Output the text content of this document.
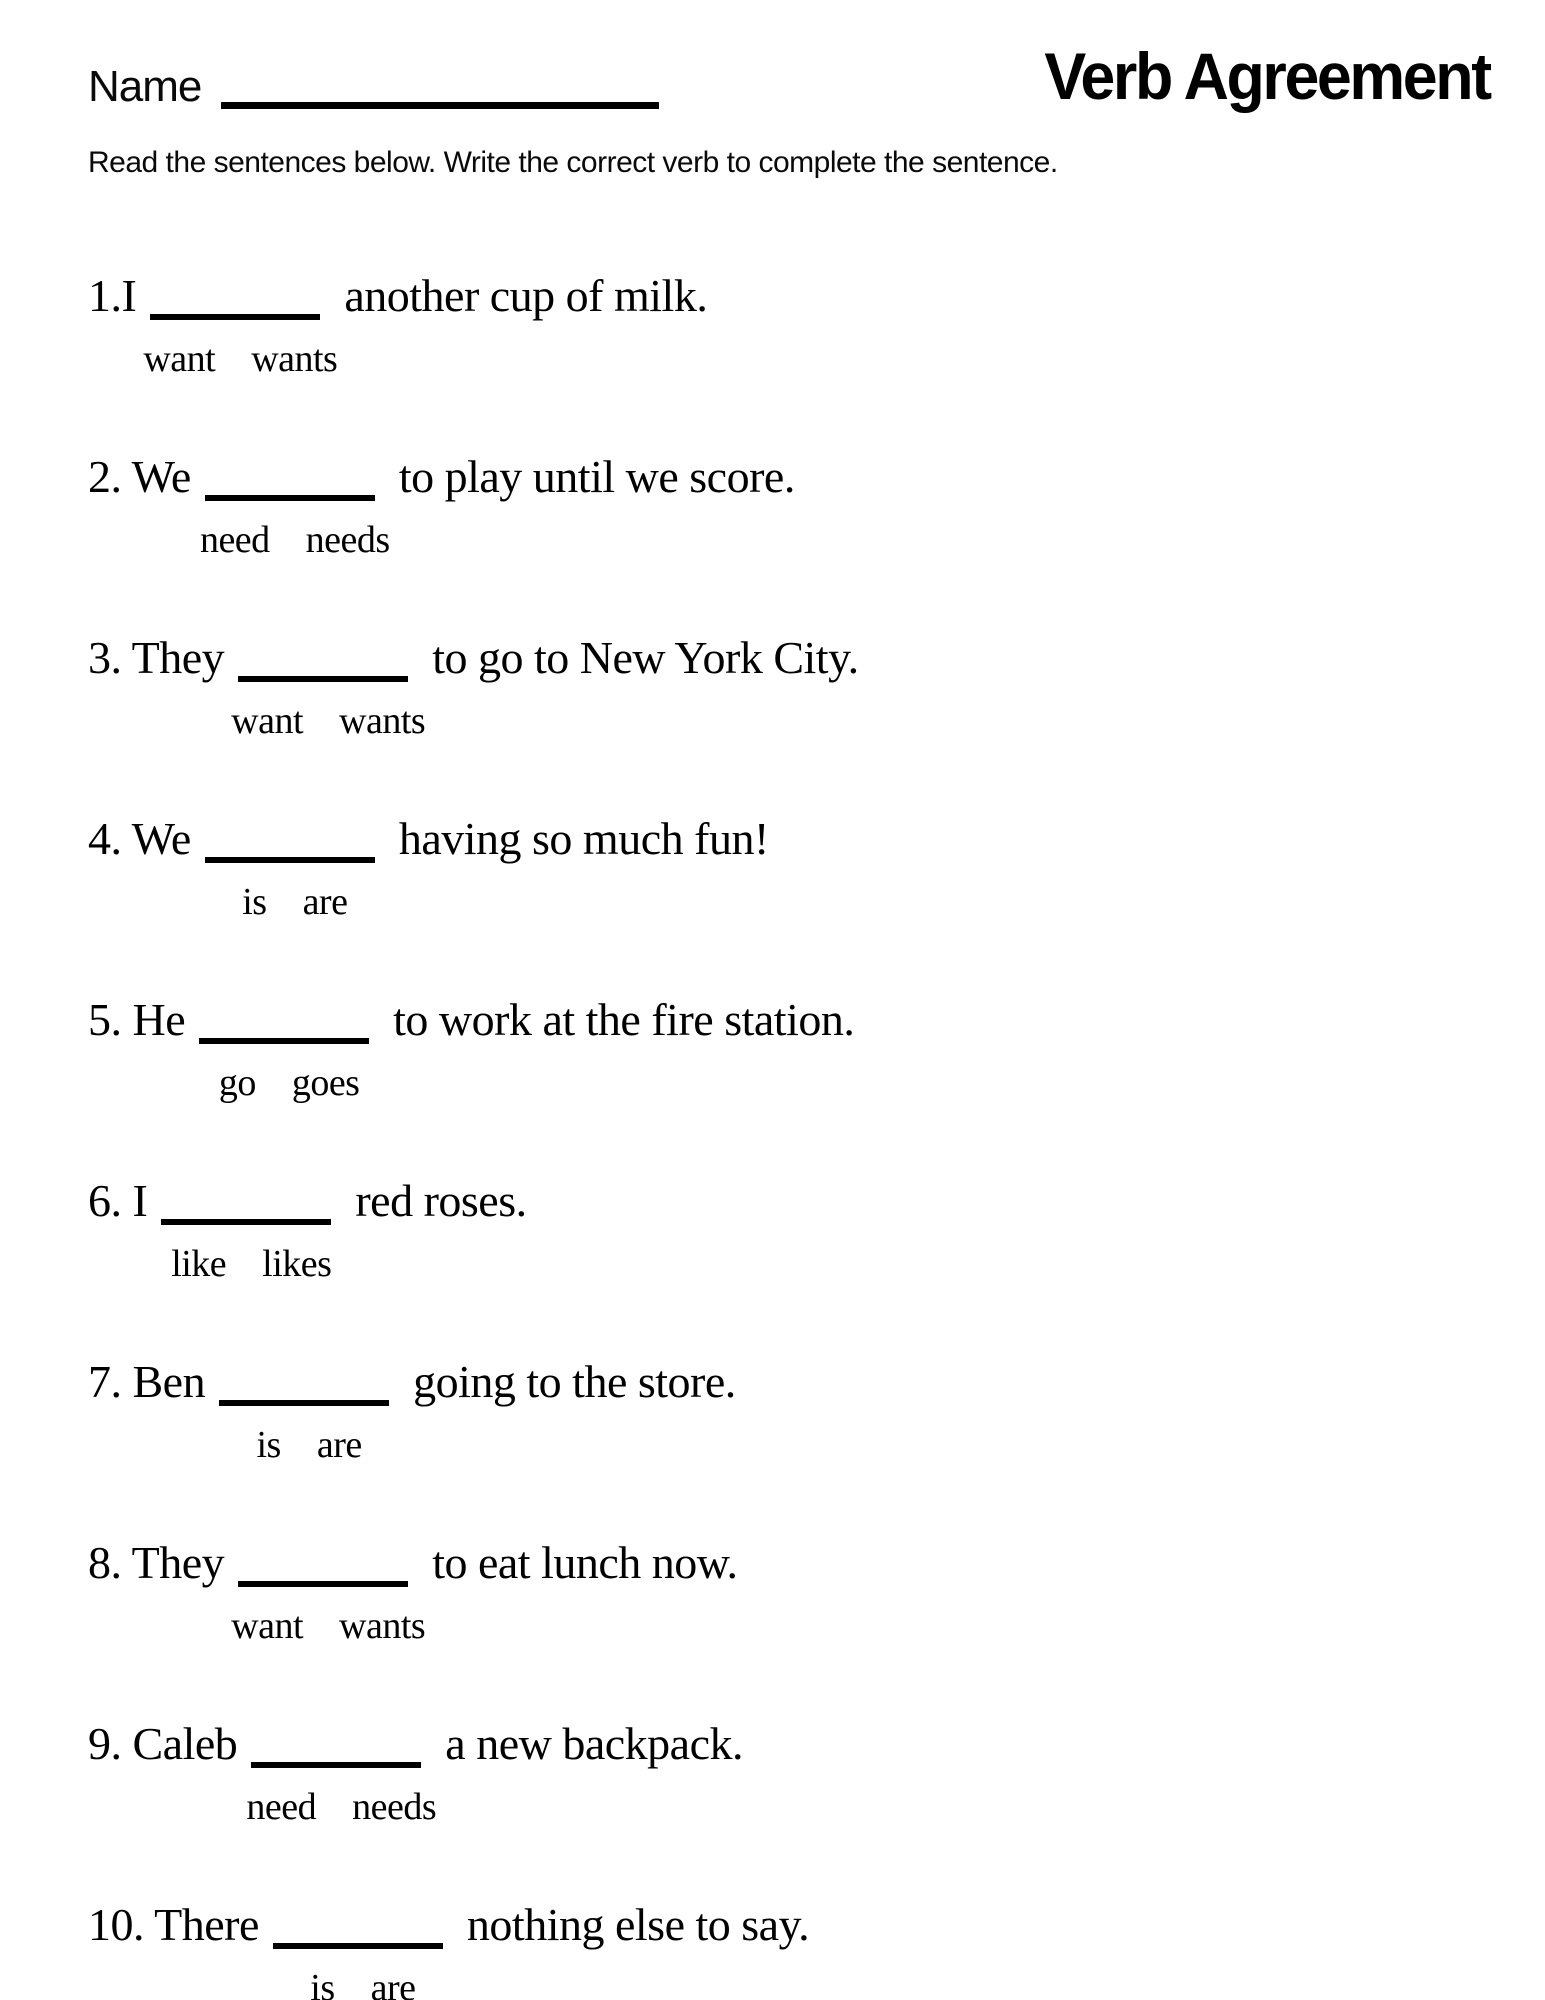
Name	Verb Agreement
Read the sentences below. Write the correct verb to complete the sentence.
1.I	another cup of milk.
want wants
2. We	to play until we score.
need needs
3. They	to go to New York City.
want wants
4. We	having so much fun!
is are
5. He	to work at the fire station.
go goes
6. I	red roses.
like likes
7. Ben	going to the store.
is are
8. They	to eat lunch now.
want wants
9. Caleb	a new backpack.
need needs
10. There	nothing else to say.
is are
